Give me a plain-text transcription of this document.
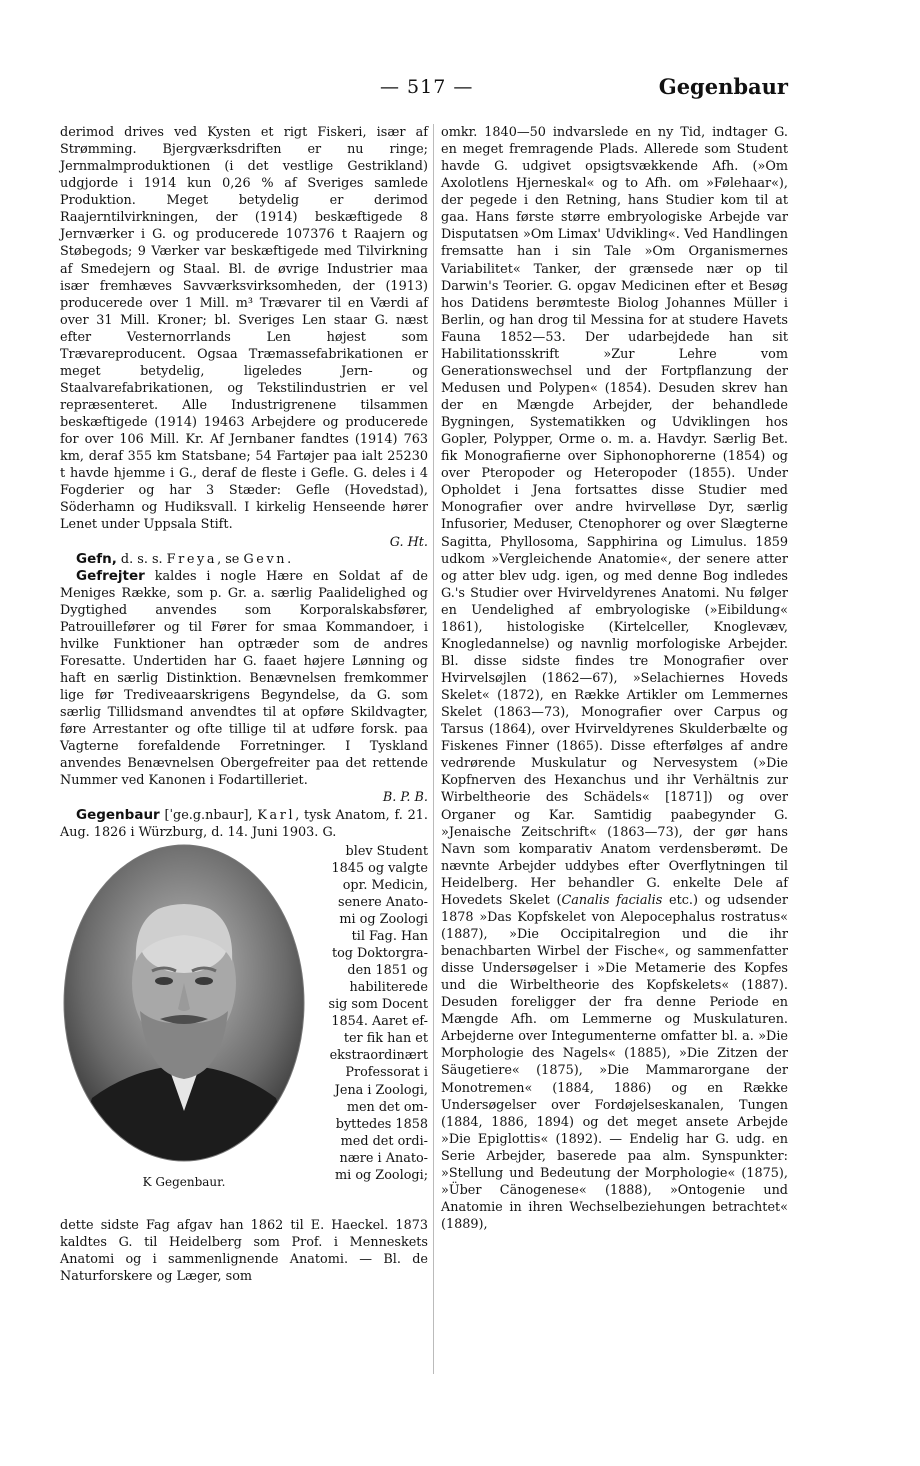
— 517 —	Gegenbaur

derimod drives ved Kysten et rigt Fiskeri, især af Strømming. Bjergværksdriften er nu ringe; Jernmalmproduktionen (i det vestlige Gestrikland) udgjorde i 1914 kun 0,26 % af Sveriges samlede Produktion. Meget betydelig er derimod Raajerntilvirkningen, der (1914) beskæftigede 8 Jernværker i G. og producerede 107376 t Raajern og Støbegods; 9 Værker var beskæftigede med Tilvirkning af Smedejern og Staal. Bl. de øvrige Industrier maa især fremhæves Savværksvirksomheden, der (1913) producerede over 1 Mill. m³ Trævarer til en Værdi af over 31 Mill. Kroner; bl. Sveriges Len staar G. næst efter Vesternorrlands Len højest som Trævareproducent. Ogsaa Træmassefabrikationen er meget betydelig, ligeledes Jern- og Staalvarefabrikationen, og Tekstilindustrien er vel repræsenteret. Alle Industrigrenene tilsammen beskæftigede (1914) 19463 Arbejdere og producerede for over 106 Mill. Kr. Af Jernbaner fandtes (1914) 763 km, deraf 355 km Statsbane; 54 Fartøjer paa ialt 25230 t havde hjemme i G., deraf de fleste i Gefle. G. deles i 4 Fogderier og har 3 Stæder: Gefle (Hovedstad), Söderhamn og Hudiksvall. I kirkelig Henseende hører Lenet under Uppsala Stift.
G. Ht.

Gefn, d. s. s. Freya, se Gevn.

Gefrejter kaldes i nogle Hære en Soldat af de Meniges Række, som p. Gr. a. særlig Paalidelighed og Dygtighed anvendes som Korporalskabsfører, Patrouillefører og til Fører for smaa Kommandoer, i hvilke Funktioner han optræder som de andres Foresatte. Undertiden har G. faaet højere Lønning og haft en særlig Distinktion. Benævnelsen fremkommer lige før Trediveaarskrigens Begyndelse, da G. som særlig Tillidsmand anvendtes til at opføre Skildvagter, føre Arrestanter og ofte tillige til at udføre forsk. paa Vagterne forefaldende Forretninger. I Tyskland anvendes Benævnelsen Obergefreiter paa det rettende Nummer ved Kanonen i Fodartilleriet.
B. P. B.

Gegenbaur [ˈge.g.nbaur], Karl, tysk Anatom, f. 21. Aug. 1826 i Würzburg, d. 14. Juni 1903. G.

K Gegenbaur.
blev Student
1845 og valgte
opr. Medicin,
senere Anato-
mi og Zoologi
til Fag. Han
tog Doktorgra-
den 1851 og
habiliterede
sig som Docent
1854. Aaret ef-
ter fik han et
ekstraordinært
Professorat i
Jena i Zoologi,
men det om-
byttedes 1858
med det ordi-
nære i Anato-
mi og Zoologi;

dette sidste Fag afgav han 1862 til E. Haeckel. 1873 kaldtes G. til Heidelberg som Prof. i Menneskets Anatomi og i sammenlignende Anatomi. — Bl. de Naturforskere og Læger, som

omkr. 1840—50 indvarslede en ny Tid, indtager G. en meget fremragende Plads. Allerede som Student havde G. udgivet opsigtsvækkende Afh. (»Om Axolotlens Hjerneskal« og to Afh. om »Følehaar«), der pegede i den Retning, hans Studier kom til at gaa. Hans første større embryologiske Arbejde var Disputatsen »Om Limax' Udvikling«. Ved Handlingen fremsatte han i sin Tale »Om Organismernes Variabilitet« Tanker, der grænsede nær op til Darwin's Teorier. G. opgav Medicinen efter et Besøg hos Datidens berømteste Biolog Johannes Müller i Berlin, og han drog til Messina for at studere Havets Fauna 1852—53. Der udarbejdede han sit Habilitationsskrift »Zur Lehre vom Generationswechsel und der Fortpflanzung der Medusen und Polypen« (1854). Desuden skrev han der en Mængde Arbejder, der behandlede Bygningen, Systematikken og Udviklingen hos Gopler, Polypper, Orme o. m. a. Havdyr. Særlig Bet. fik Monografierne over Siphonophorerne (1854) og over Pteropoder og Heteropoder (1855). Under Opholdet i Jena fortsattes disse Studier med Monografier over andre hvirvelløse Dyr, særlig Infusorier, Meduser, Ctenophorer og over Slægterne Sagitta, Phyllosoma, Sapphirina og Limulus. 1859 udkom »Vergleichende Anatomie«, der senere atter og atter blev udg. igen, og med denne Bog indledes G.'s Studier over Hvirveldyrenes Anatomi. Nu følger en Uendelighed af embryologiske (»Eibildung« 1861), histologiske (Kirtelceller, Knoglevæv, Knogledannelse) og navnlig morfologiske Arbejder. Bl. disse sidste findes tre Monografier over Hvirvelsøjlen (1862—67), »Selachiernes Hoveds Skelet« (1872), en Række Artikler om Lemmernes Skelet (1863—73), Monografier over Carpus og Tarsus (1864), over Hvirveldyrenes Skulderbælte og Fiskenes Finner (1865). Disse efterfølges af andre vedrørende Muskulatur og Nervesystem (»Die Kopfnerven des Hexanchus und ihr Verhältnis zur Wirbeltheorie des Schädels« [1871]) og over Organer og Kar. Samtidig paabegynder G. »Jenaische Zeitschrift« (1863—73), der gør hans Navn som komparativ Anatom verdensberømt. De nævnte Arbejder uddybes efter Overflytningen til Heidelberg. Her behandler G. enkelte Dele af Hovedets Skelet (Canalis facialis etc.) og udsender 1878 »Das Kopfskelet von Alepocephalus rostratus« (1887), »Die Occipitalregion und die ihr benachbarten Wirbel der Fische«, og sammenfatter disse Undersøgelser i »Die Metamerie des Kopfes und die Wirbeltheorie des Kopfskelets« (1887). Desuden foreligger der fra denne Periode en Mængde Afh. om Lemmerne og Muskulaturen. Arbejderne over Integumenterne omfatter bl. a. »Die Morphologie des Nagels« (1885), »Die Zitzen der Säugetiere« (1875), »Die Mammarorgane der Monotremen« (1884, 1886) og en Række Undersøgelser over Fordøjelseskanalen, Tungen (1884, 1886, 1894) og det meget ansete Arbejde »Die Epiglottis« (1892). — Endelig har G. udg. en Serie Arbejder, baserede paa alm. Synspunkter: »Stellung und Bedeutung der Morphologie« (1875), »Über Cänogenese« (1888), »Ontogenie und Anatomie in ihren Wechselbeziehungen betrachtet« (1889),
